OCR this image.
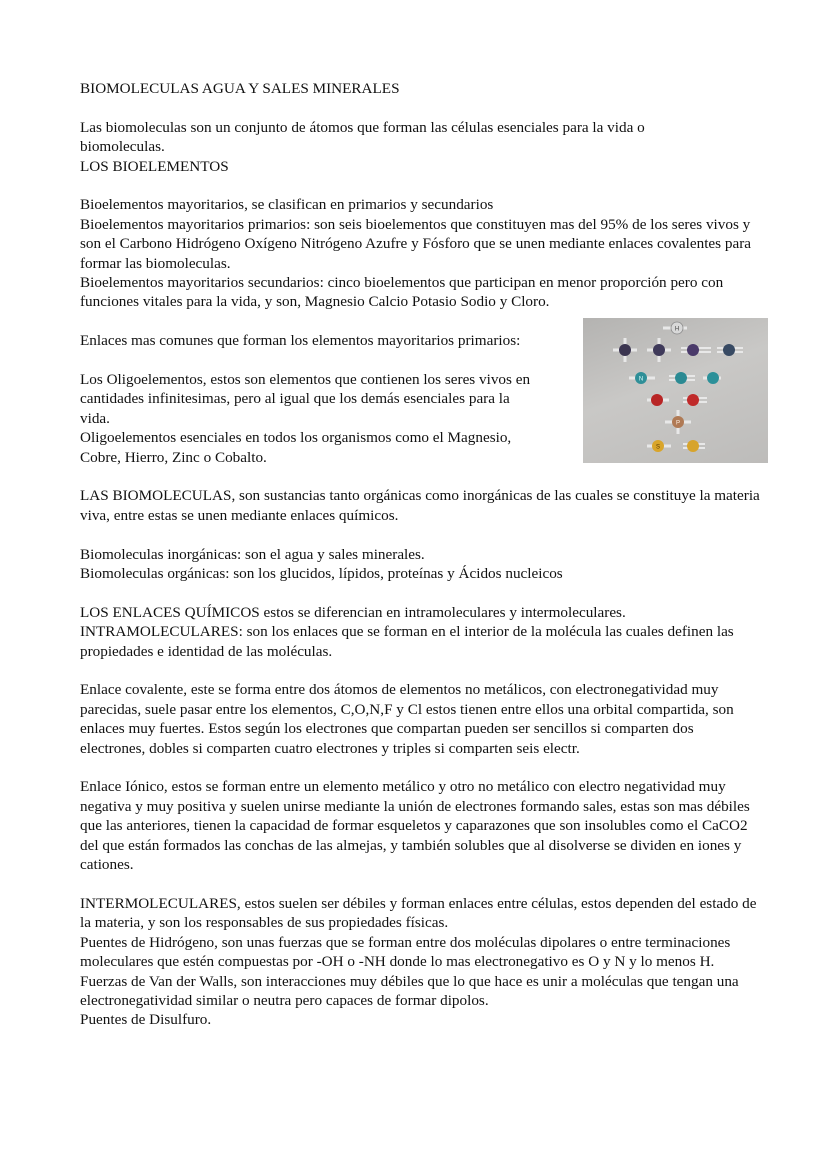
BIOMOLECULAS AGUA Y SALES MINERALES

Las biomoleculas son un conjunto de átomos que forman las células esenciales para la vida o

biomoleculas.

LOS BIOELEMENTOS

Bioelementos mayoritarios, se clasifican en primarios y secundarios

Bioelementos mayoritarios primarios: son seis bioelementos que constituyen mas del 95% de los seres vivos y son el Carbono Hidrógeno Oxígeno Nitrógeno Azufre y Fósforo que se unen mediante enlaces covalentes para formar las biomoleculas.

Bioelementos mayoritarios secundarios: cinco bioelementos que participan en menor proporción pero con funciones vitales para la vida, y son, Magnesio Calcio Potasio Sodio y Cloro.

Enlaces mas comunes que forman los elementos mayoritarios primarios:

Los Oligoelementos, estos son elementos que contienen los seres vivos en

cantidades infinitesimas, pero al igual que los demás esenciales para la

vida.

Oligoelementos esenciales en todos los organismos como el Magnesio,

Cobre, Hierro, Zinc o Cobalto.

LAS BIOMOLECULAS, son sustancias tanto orgánicas como inorgánicas de las cuales se constituye la materia viva, entre estas se unen mediante enlaces químicos.

Biomoleculas inorgánicas: son el agua y sales minerales.

Biomoleculas orgánicas: son los glucidos, lípidos, proteínas y Ácidos nucleicos

LOS ENLACES QUÍMICOS estos se diferencian en intramoleculares y intermoleculares.

INTRAMOLECULARES: son los enlaces que se forman en el interior de la molécula las cuales definen las propiedades e identidad de las moléculas.

Enlace covalente, este se forma entre dos átomos de elementos no metálicos, con electronegatividad muy parecidas, suele pasar entre los elementos, C,O,N,F y Cl estos tienen entre ellos una orbital compartida, son enlaces muy fuertes. Estos según los electrones que compartan pueden ser sencillos si comparten dos electrones, dobles si comparten cuatro electrones y triples si comparten seis electr.

Enlace Iónico, estos se forman entre un elemento metálico y otro no metálico con electro negatividad muy negativa y muy positiva y suelen unirse mediante la unión de electrones formando sales, estas son mas débiles que las anteriores, tienen la capacidad de formar esqueletos y caparazones que son insolubles como el CaCO2 del que están formados las conchas de las almejas, y también solubles que al disolverse se dividen en iones y cationes.

INTERMOLECULARES, estos suelen ser débiles y forman enlaces entre células, estos dependen del estado de la materia, y son los responsables de sus propiedades físicas.

Puentes de Hidrógeno, son unas fuerzas que se forman entre dos moléculas dipolares o entre terminaciones moleculares que estén compuestas por -OH o -NH donde lo mas electronegativo es O y N y lo menos H.

Fuerzas de Van der Walls, son interacciones muy débiles que lo que hace es unir a moléculas que tengan una electronegatividad similar o neutra pero capaces de formar dipolos.

Puentes de Disulfuro.

H
N
P
S
